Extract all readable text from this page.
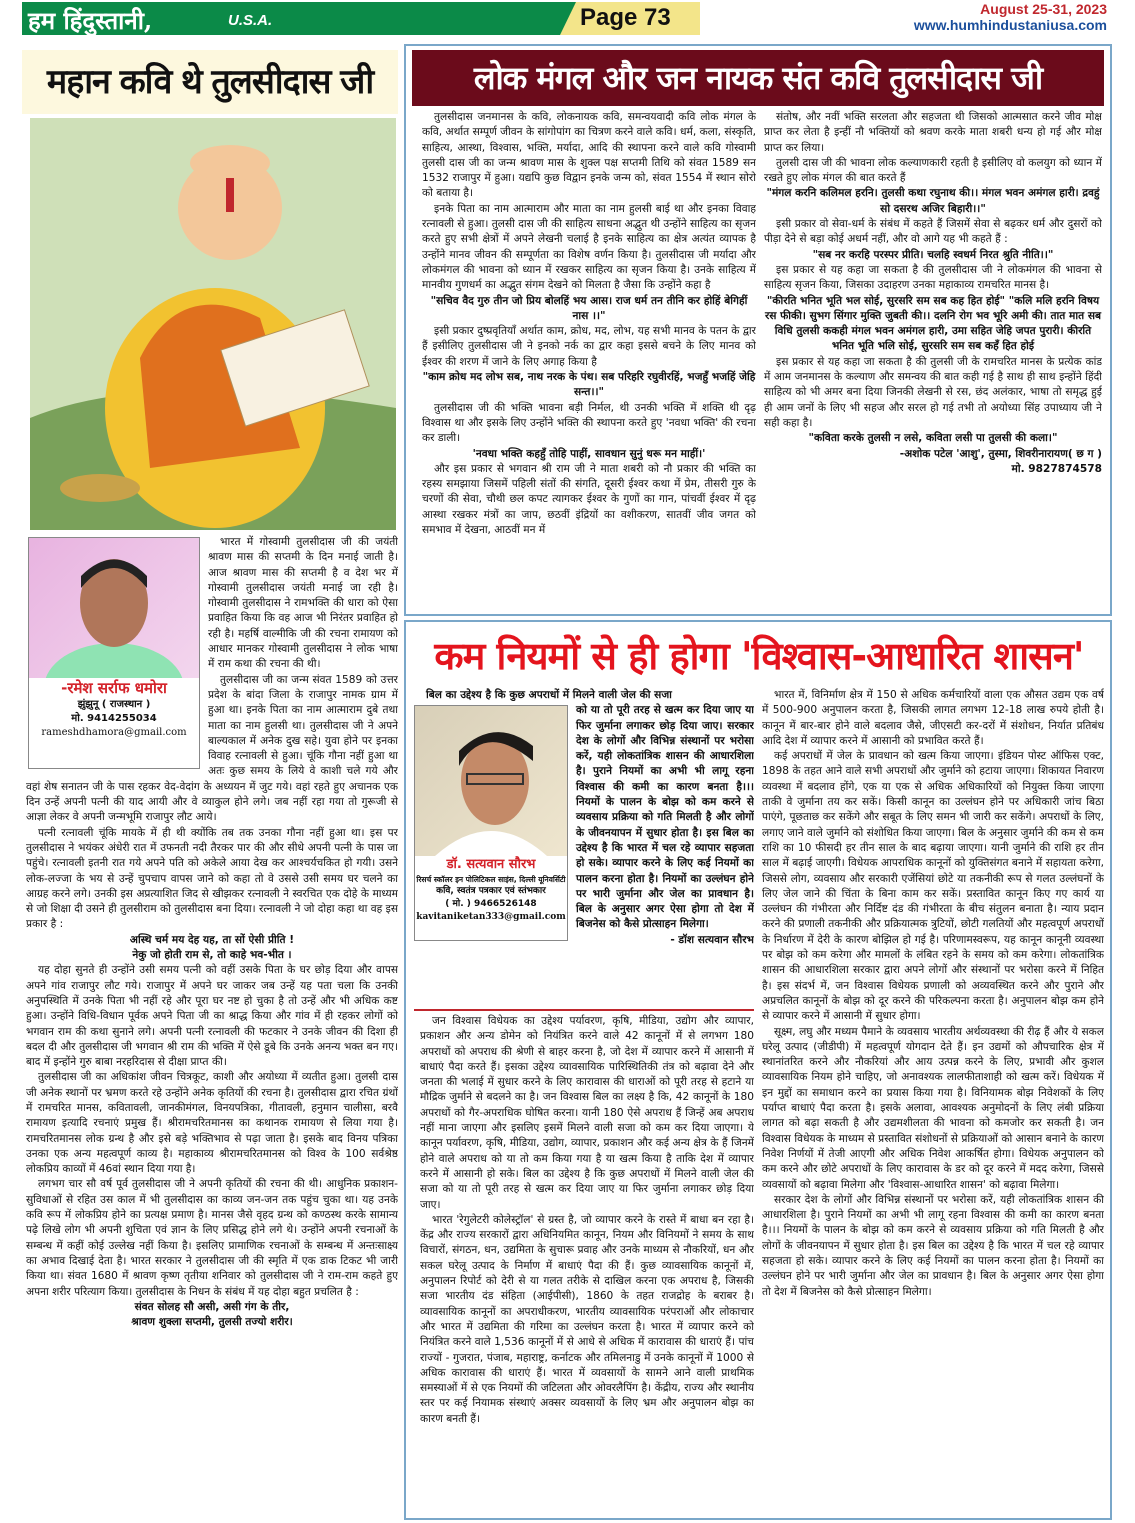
हम हिंदुस्तानी,	U.S.A.	Page 73	August 25-31, 2023
www.humhindustaniusa.com
महान कवि थे तुलसीदास जी
-रमेश सर्राफ धमोरा
झुंझुनू ( राजस्थान )
मो. 9414255034
rameshdhamora@gmail.com

भारत में गोस्वामी तुलसीदास जी की जयंती श्रावण मास की सप्तमी के दिन मनाई जाती है। आज श्रावण मास की सप्तमी है व देश भर में गोस्वामी तुलसीदास जयंती मनाई जा रही है। गोस्वामी तुलसीदास ने रामभक्ति की धारा को ऐसा प्रवाहित किया कि वह आज भी निरंतर प्रवाहित हो रही है। महर्षि वाल्मीकि जी की रचना रामायण को आधार मानकर गोस्वामी तुलसीदास ने लोक भाषा में राम कथा की रचना की थी।

तुलसीदास जी का जन्म संवत 1589 को उत्तर प्रदेश के बांदा जिला के राजापुर नामक ग्राम में हुआ था। इनके पिता का नाम आत्माराम दुबे तथा माता का नाम हुलसी था। तुलसीदास जी ने अपने बाल्यकाल में अनेक दुख सहे। युवा होने पर इनका विवाह रत्नावली से हुआ। चूंकि गौना नहीं हुआ था अतः कुछ समय के लिये वे काशी चले गये और वहां शेष सनातन जी के पास रहकर वेद-वेदांग के अध्ययन में जुट गये। वहां रहते हुए अचानक एक दिन उन्हें अपनी पत्नी की याद आयी और वे व्याकुल होने लगे। जब नहीं रहा गया तो गुरूजी से आज्ञा लेकर वे अपनी जन्मभूमि राजापुर लौट आये।

पत्नी रत्नावली चूंकि मायके में ही थी क्योंकि तब तक उनका गौना नहीं हुआ था। इस पर तुलसीदास ने भयंकर अंधेरी रात में उफनती नदी तैरकर पार की और सीधे अपनी पत्नी के पास जा पहुंचे। रत्नावली इतनी रात गये अपने पति को अकेले आया देख कर आश्चर्यचकित हो गयी। उसने लोक-लज्जा के भय से उन्हें चुपचाप वापस जाने को कहा तो वे उससे उसी समय घर चलने का आग्रह करने लगे। उनकी इस अप्रत्याशित जिद से खीझकर रत्नावली ने स्वरचित एक दोहे के माध्यम से जो शिक्षा दी उसने ही तुलसीराम को तुलसीदास बना दिया। रत्नावली ने जो दोहा कहा था वह इस प्रकार है :

अस्थि चर्म मय देह यह, ता सों ऐसी प्रीति !

नेकु जो होती राम से, तो काहे भव-भीत ।

यह दोहा सुनते ही उन्होंने उसी समय पत्नी को वहीं उसके पिता के घर छोड़ दिया और वापस अपने गांव राजापुर लौट गये। राजापुर में अपने घर जाकर जब उन्हें यह पता चला कि उनकी अनुपस्थिति में उनके पिता भी नहीं रहे और पूरा घर नष्ट हो चुका है तो उन्हें और भी अधिक कष्ट हुआ। उन्होंने विधि-विधान पूर्वक अपने पिता जी का श्राद्ध किया और गांव में ही रहकर लोगों को भगवान राम की कथा सुनाने लगे। अपनी पत्नी रत्नावली की फटकार ने उनके जीवन की दिशा ही बदल दी और तुलसीदास जी भगवान श्री राम की भक्ति में ऐसे डूबे कि उनके अनन्य भक्त बन गए। बाद में इन्होंने गुरु बाबा नरहरिदास से दीक्षा प्राप्त की।

तुलसीदास जी का अधिकांश जीवन चित्रकूट, काशी और अयोध्या में व्यतीत हुआ। तुलसी दास जी अनेक स्थानों पर भ्रमण करते रहे उन्होंने अनेक कृतियों की रचना है। तुलसीदास द्वारा रचित ग्रंथों में रामचरित मानस, कवितावली, जानकीमंगल, विनयपत्रिका, गीतावली, हनुमान चालीसा, बरवै रामायण इत्यादि रचनाएं प्रमुख हैं। श्रीरामचरितमानस का कथानक रामायण से लिया गया है। रामचरितमानस लोक ग्रन्थ है और इसे बड़े भक्तिभाव से पढ़ा जाता है। इसके बाद विनय पत्रिका उनका एक अन्य महत्वपूर्ण काव्य है। महाकाव्य श्रीरामचरितमानस को विश्व के 100 सर्वश्रेष्ठ लोकप्रिय काव्यों में 46वां स्थान दिया गया है।

लगभग चार सौ वर्ष पूर्व तुलसीदास जी ने अपनी कृतियों की रचना की थी। आधुनिक प्रकाशन-सुविधाओं से रहित उस काल में भी तुलसीदास का काव्य जन-जन तक पहुंच चुका था। यह उनके कवि रूप में लोकप्रिय होने का प्रत्यक्ष प्रमाण है। मानस जैसे वृहद ग्रन्थ को कण्ठस्थ करके सामान्य पढ़े लिखे लोग भी अपनी शुचिता एवं ज्ञान के लिए प्रसिद्ध होने लगे थे। उन्होंने अपनी रचनाओं के सम्बन्ध में कहीं कोई उल्लेख नहीं किया है। इसलिए प्रामाणिक रचनाओं के सम्बन्ध में अन्तःसाक्ष्य का अभाव दिखाई देता है। भारत सरकार ने तुलसीदास जी की स्मृति में एक डाक टिकट भी जारी किया था। संवत 1680 में श्रावण कृष्ण तृतीया शनिवार को तुलसीदास जी ने राम-राम कहते हुए अपना शरीर परित्याग किया। तुलसीदास के निधन के संबंध में यह दोहा बहुत प्रचलित है :

संवत सोलह सौ असी, असी गंग के तीर,

श्रावण शुक्ला सप्तमी, तुलसी तज्यो शरीर।

लोक मंगल और जन नायक संत कवि तुलसीदास जी

तुलसीदास जनमानस के कवि, लोकनायक कवि, समन्वयवादी कवि लोक मंगल के कवि, अर्थात सम्पूर्ण जीवन के सांगोपांग का चित्रण करने वाले कवि। धर्म, कला, संस्कृति, साहित्य, आस्था, विश्वास, भक्ति, मर्यादा, आदि की स्थापना करने वाले कवि गोस्वामी तुलसी दास जी का जन्म श्रावण मास के शुक्ल पक्ष सप्तमी तिथि को संवत 1589 सन 1532 राजापुर में हुआ। यद्यपि कुछ विद्वान इनके जन्म को, संवत 1554 में स्थान सोरो को बताया है।

इनके पिता का नाम आत्माराम और माता का नाम हुलसी बाई था और इनका विवाह रत्नावली से हुआ। तुलसी दास जी की साहित्य साधना अद्भुत थी उन्होंने साहित्य का सृजन करते हुए सभी क्षेत्रों में अपने लेखनी चलाई है इनके साहित्य का क्षेत्र अत्यंत व्यापक है उन्होंने मानव जीवन की सम्पूर्णता का विशेष वर्णन किया है। तुलसीदास जी मर्यादा और लोकमंगल की भावना को ध्यान में रखकर साहित्य का सृजन किया है। उनके साहित्य में मानवीय गुणधर्म का अद्भुत संगम देखने को मिलता है जैसा कि उन्होंने कहा है

"सचिव वैद गुरु तीन जो प्रिय बोलहिं भय आस। राज धर्म तन तीनि कर होहिं बेगिहीं नास ।।"

इसी प्रकार दुष्प्रवृतियाँ अर्थात काम, क्रोध, मद, लोभ, यह सभी मानव के पतन के द्वार हैं इसीलिए तुलसीदास जी ने इनको नर्क का द्वार कहा इससे बचने के लिए मानव को ईश्वर की शरण में जाने के लिए अगाह किया है

"काम क्रोध मद लोभ सब, नाथ नरक के पंथ। सब परिहरि रघुवीरहिं, भजहुँ भजहिं जेहि सन्त।।"

तुलसीदास जी की भक्ति भावना बड़ी निर्मल, थी उनकी भक्ति में शक्ति थी दृढ़ विश्वास था और इसके लिए उन्होंने भक्ति की स्थापना करते हुए 'नवधा भक्ति' की रचना कर डाली।

'नवधा भक्ति कहहुँ तोहि पाहीं, सावधान सुनुं धरू मन माहीं।'

और इस प्रकार से भगवान श्री राम जी ने माता शबरी को नौ प्रकार की भक्ति का रहस्य समझाया जिसमें पहिली संतों की संगति, दूसरी ईश्वर कथा में प्रेम, तीसरी गुरु के चरणों की सेवा, चौथी छल कपट त्यागकर ईश्वर के गुणों का गान, पांचवीं ईश्वर में दृढ़ आस्था रखकर मंत्रों का जाप, छठवीं इंद्रियों का वशीकरण, सातवीं जीव जगत को समभाव में देखना, आठवीं मन में

संतोष, और नवीं भक्ति सरलता और सहजता थी जिसको आत्मसात करने जीव मोक्ष प्राप्त कर लेता है इन्हीं नौ भक्तियों को श्रवण करके माता शबरी धन्य हो गई और मोक्ष प्राप्त कर लिया।

तुलसी दास जी की भावना लोक कल्याणकारी रहती है इसीलिए वो कलयुग को ध्यान में रखते हुए लोक मंगल की बात करते हैं

"मंगल करनि कलिमल हरनि। तुलसी कथा रघुनाथ की।। मंगल भवन अमंगल हारी। द्रवहुं सो दसरथ अजिर बिहारी।।"

इसी प्रकार वो सेवा-धर्म के संबंध में कहते हैं जिसमें सेवा से बढ़कर धर्म और दुसरों को पीड़ा देने से बड़ा कोई अधर्म नहीं, और वो आगे यह भी कहते हैं :

"सब नर करहि परस्पर प्रीति। चलहि स्वधर्म निरत श्रुति नीति।।"

इस प्रकार से यह कहा जा सकता है की तुलसीदास जी ने लोकमंगल की भावना से साहित्य सृजन किया, जिसका उदाहरण उनका महाकाव्य रामचरित मानस है।

"कीरति भनित भूति भल सोई, सुरसरि सम सब कह हित होई" "कलि मलि हरनि विषय रस फीकी। सुभग सिंगार मुक्ति जुबती की।। दलनि रोग भव भूरि अमी की। तात मात सब विधि तुलसी ककही मंगल भवन अमंगल हारी, उमा सहित जेहि जपत पुरारी। कीरति भनित भूति भलि सोई, सुरसरि सम सब कहँ हित होई

इस प्रकार से यह कहा जा सकता है की तुलसी जी के रामचरित मानस के प्रत्येक कांड में आम जनमानस के कल्याण और समन्वय की बात कही गई है साथ ही साथ इन्होंने हिंदी साहित्य को भी अमर बना दिया जिनकी लेखनी से रस, छंद अलंकार, भाषा तो समृद्ध हुई ही आम जनों के लिए भी सहज और सरल हो गई तभी तो अयोध्या सिंह उपाध्याय जी ने सही कहा है।

"कविता करके तुलसी न लसे, कविता लसी पा तुलसी की कला।"

-अशोक पटेल 'आशु', तुस्मा, शिवरीनारायण( छ ग )

मो. 9827874578

कम नियमों से ही होगा 'विश्वास-आधारित शासन'

बिल का उद्देश्य है कि कुछ अपराधों में मिलने वाली जेल की सजा

डॉ. सत्यवान सौरभ
रिसर्च स्कॉलर इन पोलिटिकल साइंस, दिल्ली यूनिवर्सिटी
कवि, स्वतंत्र पत्रकार एवं स्तंभकार
( मो. ) 9466526148
kavitaniketan333@gmail.com

को या तो पूरी तरह से खत्म कर दिया जाए या फिर जुर्माना लगाकर छोड़ दिया जाए। सरकार देश के लोगों और विभिन्न संस्थानों पर भरोसा करें, यही लोकतांत्रिक शासन की आधारशिला है। पुराने नियमों का अभी भी लागू रहना विश्वास की कमी का कारण बनता है।।। नियमों के पालन के बोझ को कम करने से व्यवसाय प्रक्रिया को गति मिलती है और लोगों के जीवनयापन में सुधार होता है। इस बिल का उद्देश्य है कि भारत में चल रहे व्यापार सहजता हो सके। व्यापार करने के लिए कई नियमों का पालन करना होता है। नियमों का उल्लंघन होने पर भारी जुर्माना और जेल का प्रावधान है। बिल के अनुसार अगर ऐसा होगा तो देश में बिजनेस को कैसे प्रोत्साहन मिलेगा।

- डॉश सत्यवान सौरभ

जन विश्वास विधेयक का उद्देश्य पर्यावरण, कृषि, मीडिया, उद्योग और व्यापार, प्रकाशन और अन्य डोमेन को नियंत्रित करने वाले 42 कानूनों में से लगभग 180 अपराधों को अपराध की श्रेणी से बाहर करना है, जो देश में व्यापार करने में आसानी में बाधाएं पैदा करते हैं। इसका उद्देश्य व्यावसायिक पारिस्थितिकी तंत्र को बढ़ावा देने और जनता की भलाई में सुधार करने के लिए कारावास की धाराओं को पूरी तरह से हटाने या मौद्रिक जुर्माने से बदलने का है। जन विश्वास बिल का लक्ष्य है कि, 42 कानूनों के 180 अपराधों को गैर-अपराधिक घोषित करना। यानी 180 ऐसे अपराध हैं जिन्हें अब अपराध नहीं माना जाएगा और इसलिए इसमें मिलने वाली सजा को कम कर दिया जाएगा। ये कानून पर्यावरण, कृषि, मीडिया, उद्योग, व्यापार, प्रकाशन और कई अन्य क्षेत्र के हैं जिनमें होने वाले अपराध को या तो कम किया गया है या खत्म किया है ताकि देश में व्यापार करने में आसानी हो सके। बिल का उद्देश्य है कि कुछ अपराधों में मिलने वाली जेल की सजा को या तो पूरी तरह से खत्म कर दिया जाए या फिर जुर्माना लगाकर छोड़ दिया जाए।

भारत 'रेगुलेटरी कोलेस्ट्रॉल' से ग्रस्त है, जो व्यापार करने के रास्ते में बाधा बन रहा है। केंद्र और राज्य सरकारों द्वारा अधिनियमित कानून, नियम और विनियमों ने समय के साथ विचारों, संगठन, धन, उद्यमिता के सुचारू प्रवाह और उनके माध्यम से नौकरियों, धन और सकल घरेलू उत्पाद के निर्माण में बाधाएं पैदा की हैं। कुछ व्यावसायिक कानूनों में, अनुपालन रिपोर्ट को देरी से या गलत तरीके से दाखिल करना एक अपराध है, जिसकी सजा भारतीय दंड संहिता (आईपीसी), 1860 के तहत राजद्रोह के बराबर है। व्यावसायिक कानूनों का अपराधीकरण, भारतीय व्यावसायिक परंपराओं और लोकाचार और भारत में उद्यमिता की गरिमा का उल्लंघन करता है। भारत में व्यापार करने को नियंत्रित करने वाले 1,536 कानूनों में से आधे से अधिक में कारावास की धाराएं हैं। पांच राज्यों - गुजरात, पंजाब, महाराष्ट्र, कर्नाटक और तमिलनाडु में उनके कानूनों में 1000 से अधिक कारावास की धाराएं हैं। भारत में व्यवसायों के सामने आने वाली प्राथमिक समस्याओं में से एक नियमों की जटिलता और ओवरलैपिंग है। केंद्रीय, राज्य और स्थानीय स्तर पर कई नियामक संस्थाएं अक्सर व्यवसायों के लिए भ्रम और अनुपालन बोझ का कारण बनती हैं।

भारत में, विनिर्माण क्षेत्र में 150 से अधिक कर्मचारियों वाला एक औसत उद्यम एक वर्ष में 500-900 अनुपालन करता है, जिसकी लागत लगभग 12-18 लाख रुपये होती है। कानून में बार-बार होने वाले बदलाव जैसे, जीएसटी कर-दरों में संशोधन, निर्यात प्रतिबंध आदि देश में व्यापार करने में आसानी को प्रभावित करते हैं।

कई अपराधों में जेल के प्रावधान को खत्म किया जाएगा। इंडियन पोस्ट ऑफिस एक्ट, 1898 के तहत आने वाले सभी अपराधों और जुर्माने को हटाया जाएगा। शिकायत निवारण व्यवस्था में बदलाव होंगे, एक या एक से अधिक अधिकारियों को नियुक्त किया जाएगा ताकी वे जुर्माना तय कर सकें। किसी कानून का उल्लंघन होने पर अधिकारी जांच बिठा पाएंगे, पूछताछ कर सकेंगे और सबूत के लिए समन भी जारी कर सकेंगे। अपराधों के लिए, लगाए जाने वाले जुर्माने को संशोधित किया जाएगा। बिल के अनुसार जुर्माने की कम से कम राशि का 10 फीसदी हर तीन साल के बाद बढ़ाया जाएगा। यानी जुर्माने की राशि हर तीन साल में बढ़ाई जाएगी। विधेयक आपराधिक कानूनों को युक्तिसंगत बनाने में सहायता करेगा, जिससे लोग, व्यवसाय और सरकारी एजेंसियां छोटे या तकनीकी रूप से गलत उल्लंघनों के लिए जेल जाने की चिंता के बिना काम कर सकें। प्रस्तावित कानून किए गए कार्य या उल्लंघन की गंभीरता और निर्दिष्ट दंड की गंभीरता के बीच संतुलन बनाता है। न्याय प्रदान करने की प्रणाली तकनीकी और प्रक्रियात्मक त्रुटियों, छोटी गलतियों और महत्वपूर्ण अपराधों के निर्धारण में देरी के कारण बोझिल हो गई है। परिणामस्वरूप, यह कानून कानूनी व्यवस्था पर बोझ को कम करेगा और मामलों के लंबित रहने के समय को कम करेगा। लोकतांत्रिक शासन की आधारशिला सरकार द्वारा अपने लोगों और संस्थानों पर भरोसा करने में निहित है। इस संदर्भ में, जन विश्वास विधेयक प्रणाली को अव्यवस्थित करने और पुराने और अप्रचलित कानूनों के बोझ को दूर करने की परिकल्पना करता है। अनुपालन बोझ कम होने से व्यापार करने में आसानी में सुधार होगा।

सूक्ष्म, लघु और मध्यम पैमाने के व्यवसाय भारतीय अर्थव्यवस्था की रीढ़ हैं और ये सकल घरेलू उत्पाद (जीडीपी) में महत्वपूर्ण योगदान देते हैं। इन उद्यमों को औपचारिक क्षेत्र में स्थानांतरित करने और नौकरियां और आय उत्पन्न करने के लिए, प्रभावी और कुशल व्यावसायिक नियम होने चाहिए, जो अनावश्यक लालफीताशाही को खत्म करें। विधेयक में इन मुद्दों का समाधान करने का प्रयास किया गया है। विनियामक बोझ निवेशकों के लिए पर्याप्त बाधाएं पैदा करता है। इसके अलावा, आवश्यक अनुमोदनों के लिए लंबी प्रक्रिया लागत को बढ़ा सकती है और उद्यमशीलता की भावना को कमजोर कर सकती है। जन विश्वास विधेयक के माध्यम से प्रस्तावित संशोधनों से प्रक्रियाओं को आसान बनाने के कारण निवेश निर्णयों में तेजी आएगी और अधिक निवेश आकर्षित होगा। विधेयक अनुपालन को कम करने और छोटे अपराधों के लिए कारावास के डर को दूर करने में मदद करेगा, जिससे व्यवसायों को बढ़ावा मिलेगा और 'विश्वास-आधारित शासन' को बढ़ावा मिलेगा।

सरकार देश के लोगों और विभिन्न संस्थानों पर भरोसा करें, यही लोकतांत्रिक शासन की आधारशिला है। पुराने नियमों का अभी भी लागू रहना विश्वास की कमी का कारण बनता है।।। नियमों के पालन के बोझ को कम करने से व्यवसाय प्रक्रिया को गति मिलती है और लोगों के जीवनयापन में सुधार होता है। इस बिल का उद्देश्य है कि भारत में चल रहे व्यापार सहजता हो सके। व्यापार करने के लिए कई नियमों का पालन करना होता है। नियमों का उल्लंघन होने पर भारी जुर्माना और जेल का प्रावधान है। बिल के अनुसार अगर ऐसा होगा तो देश में बिजनेस को कैसे प्रोत्साहन मिलेगा।
